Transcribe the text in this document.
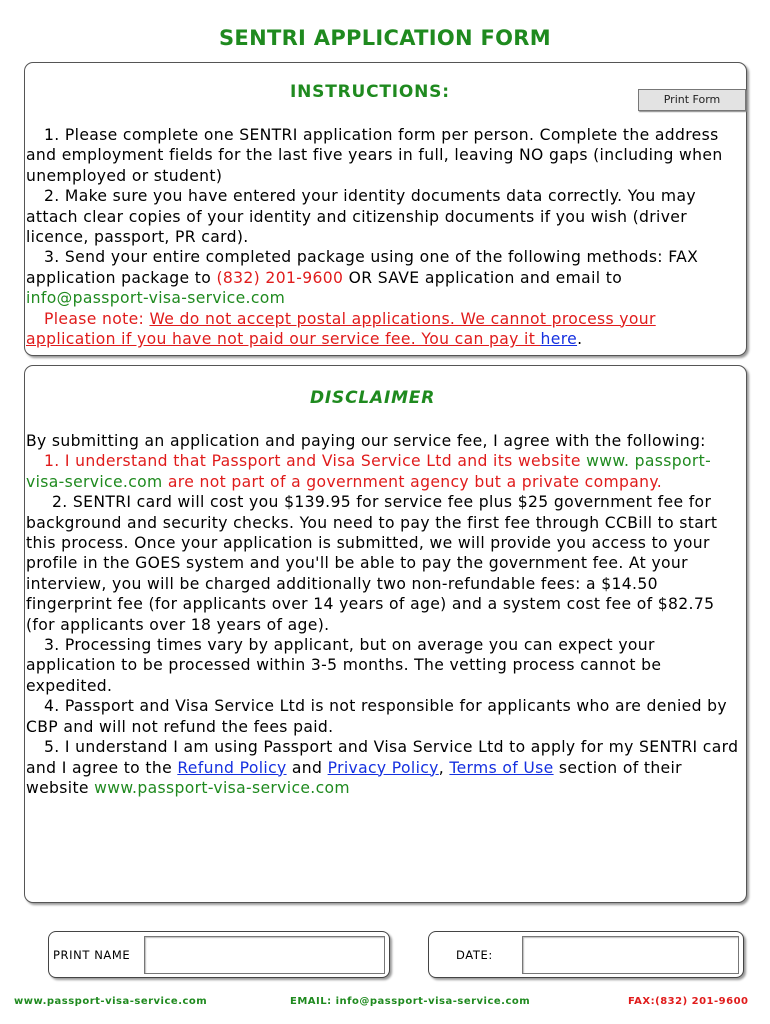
SENTRI APPLICATION FORM
INSTRUCTIONS:	Print Form

1. Please complete one SENTRI application form per person. Complete the address and employment fields for the last five years in full, leaving NO gaps (including when unemployed or student)

2. Make sure you have entered your identity documents data correctly. You may attach clear copies of your identity and citizenship documents if you wish (driver licence, passport, PR card).

3. Send your entire completed package using one of the following methods: FAX application package to (832) 201-9600 OR SAVE application and email to info@passport-visa-service.com

Please note: We do not accept postal applications. We cannot process your application if you have not paid our service fee. You can pay it here.

DISCLAIMER

By submitting an application and paying our service fee, I agree with the following:

1. I understand that Passport and Visa Service Ltd and its website www. passport-visa-service.com are not part of a government agency but a private company.

2. SENTRI card will cost you $139.95 for service fee plus $25 government fee for background and security checks. You need to pay the first fee through CCBill to start this process. Once your application is submitted, we will provide you access to your profile in the GOES system and you'll be able to pay the government fee. At your interview, you will be charged additionally two non-refundable fees: a $14.50 fingerprint fee (for applicants over 14 years of age) and a system cost fee of $82.75 (for applicants over 18 years of age).

3. Processing times vary by applicant, but on average you can expect your application to be processed within 3-5 months. The vetting process cannot be expedited.

4. Passport and Visa Service Ltd is not responsible for applicants who are denied by CBP and will not refund the fees paid.

5. I understand I am using Passport and Visa Service Ltd to apply for my SENTRI card and I agree to the Refund Policy and Privacy Policy, Terms of Use section of their website www.passport-visa-service.com

PRINT NAME	DATE:
www.passport-visa-service.com	EMAIL: info@passport-visa-service.com	FAX:(832) 201-9600
